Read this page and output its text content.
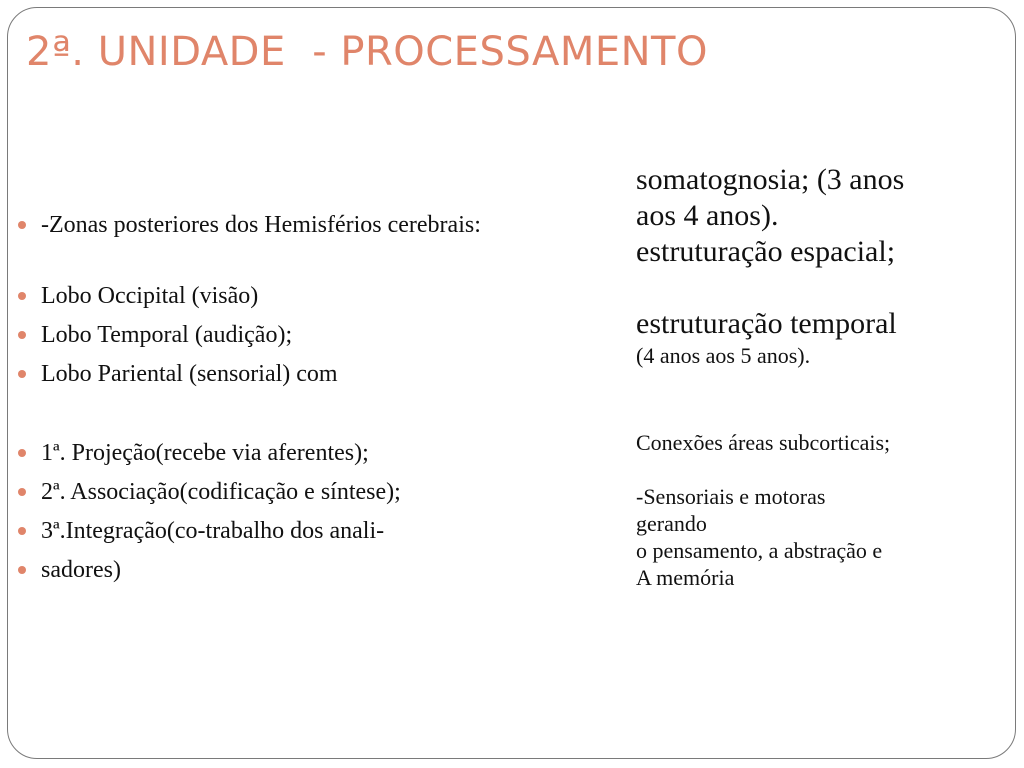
2ª. UNIDADE  - PROCESSAMENTO
-Zonas posteriores dos Hemisférios cerebrais:
Lobo Occipital (visão)
Lobo Temporal (audição);
Lobo Pariental (sensorial) com
1ª. Projeção(recebe via aferentes);
2ª. Associação(codificação e síntese);
3ª.Integração(co-trabalho dos anali-
sadores)

somatognosia; (3 anos

aos 4 anos).

estruturação espacial;

estruturação temporal

(4 anos aos 5 anos).

Conexões áreas subcorticais;

-Sensoriais e motoras

gerando

o pensamento, a abstração e

A memória
